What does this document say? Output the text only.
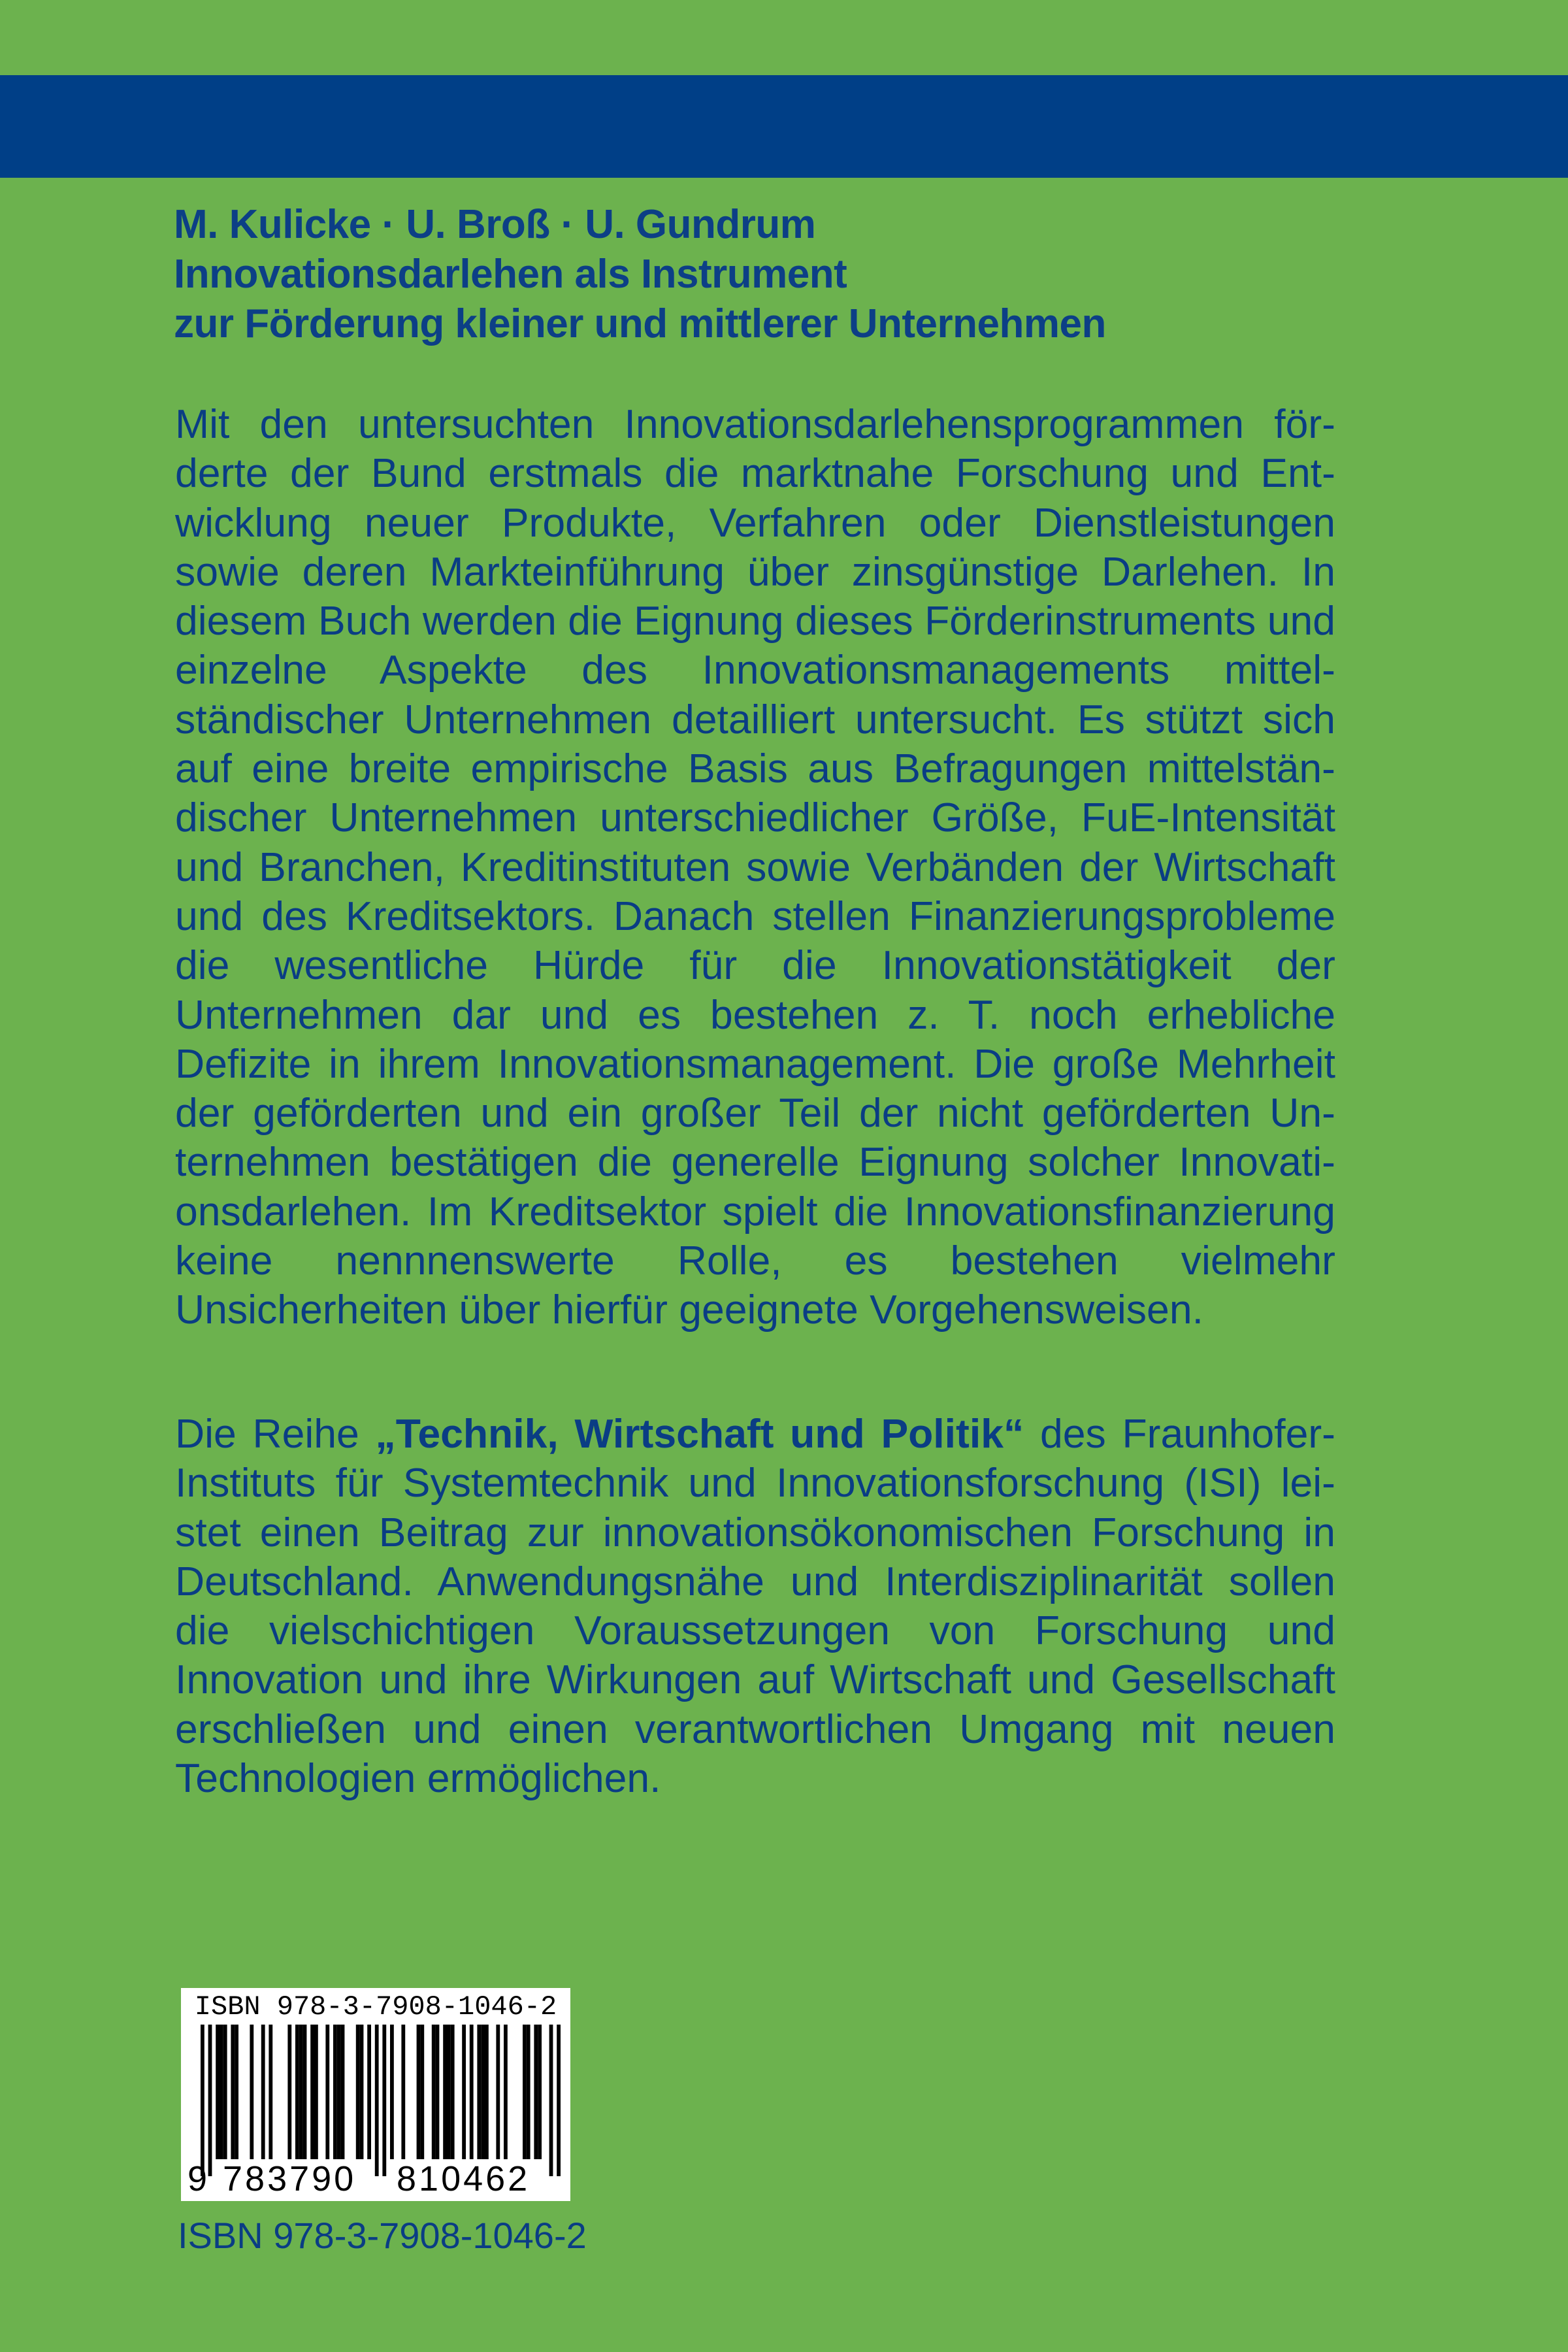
M. Kulicke · U. Broß · U. Gundrum
Innovationsdarlehen als Instrument
zur Förderung kleiner und mittlerer Unternehmen
Mit den untersuchten Innovationsdarlehensprogrammen förderte der Bund erstmals die marktnahe Forschung und Entwicklung neuer Produkte, Verfahren oder Dienstleistungen sowie deren Markteinführung über zinsgünstige Darlehen. In diesem Buch werden die Eignung dieses Förderinstruments und einzelne Aspekte des Innovationsmanagements mittelständischer Unternehmen detailliert untersucht. Es stützt sich auf eine breite empirische Basis aus Befragungen mittelständischer Unternehmen unterschiedlicher Größe, FuE-Intensität und Branchen, Kreditinstituten sowie Verbänden der Wirtschaft und des Kreditsektors. Danach stellen Finanzierungsprobleme die wesentliche Hürde für die Innovationstätigkeit der Unternehmen dar und es bestehen z. T. noch erhebliche Defizite in ihrem Innovationsmanagement. Die große Mehrheit der geförderten und ein großer Teil der nicht geförderten Unternehmen bestätigen die generelle Eignung solcher Innovationsdarlehen. Im Kreditsektor spielt die Innovationsfinanzierung keine nennnenswerte Rolle, es bestehen vielmehr Unsicherheiten über hierfür geeignete Vorgehensweisen.
Die Reihe „Technik, Wirtschaft und Politik“ des Fraunhofer-Instituts für Systemtechnik und Innovationsforschung (ISI) leistet einen Beitrag zur innovationsökonomischen Forschung in Deutschland. Anwendungsnähe und Interdisziplinarität sollen die vielschichtigen Voraussetzungen von Forschung und Innovation und ihre Wirkungen auf Wirtschaft und Gesellschaft erschließen und einen verantwortlichen Umgang mit neuen Technologien ermöglichen.
ISBN 978-3-7908-1046-2
9 783790 810462
ISBN 978-3-7908-1046-2
